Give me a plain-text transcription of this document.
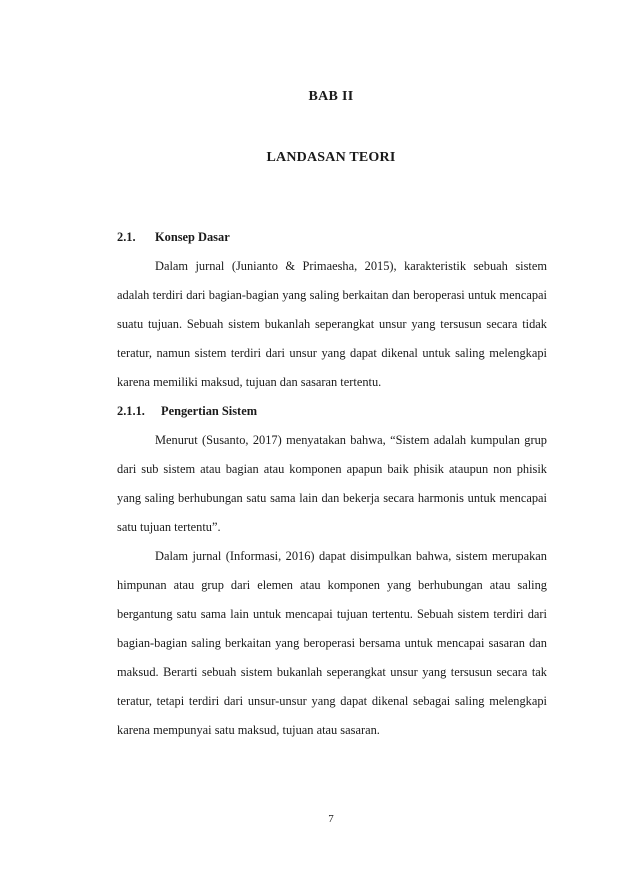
BAB II
LANDASAN TEORI
2.1. Konsep Dasar

Dalam jurnal (Junianto & Primaesha, 2015), karakteristik sebuah sistem adalah terdiri dari bagian-bagian yang saling berkaitan dan beroperasi untuk mencapai suatu tujuan. Sebuah sistem bukanlah seperangkat unsur yang tersusun secara tidak teratur, namun sistem terdiri dari unsur yang dapat dikenal untuk saling melengkapi karena memiliki maksud, tujuan dan sasaran tertentu.

2.1.1. Pengertian Sistem

Menurut (Susanto, 2017) menyatakan bahwa, “Sistem adalah kumpulan grup dari sub sistem atau bagian atau komponen apapun baik phisik ataupun non phisik yang saling berhubungan satu sama lain dan bekerja secara harmonis untuk mencapai satu tujuan tertentu”.

Dalam jurnal (Informasi, 2016) dapat disimpulkan bahwa, sistem merupakan himpunan atau grup dari elemen atau komponen yang berhubungan atau saling bergantung satu sama lain untuk mencapai tujuan tertentu. Sebuah sistem terdiri dari bagian-bagian saling berkaitan yang beroperasi bersama untuk mencapai sasaran dan maksud. Berarti sebuah sistem bukanlah seperangkat unsur yang tersusun secara tak teratur, tetapi terdiri dari unsur-unsur yang dapat dikenal sebagai saling melengkapi karena mempunyai satu maksud, tujuan atau sasaran.

7
